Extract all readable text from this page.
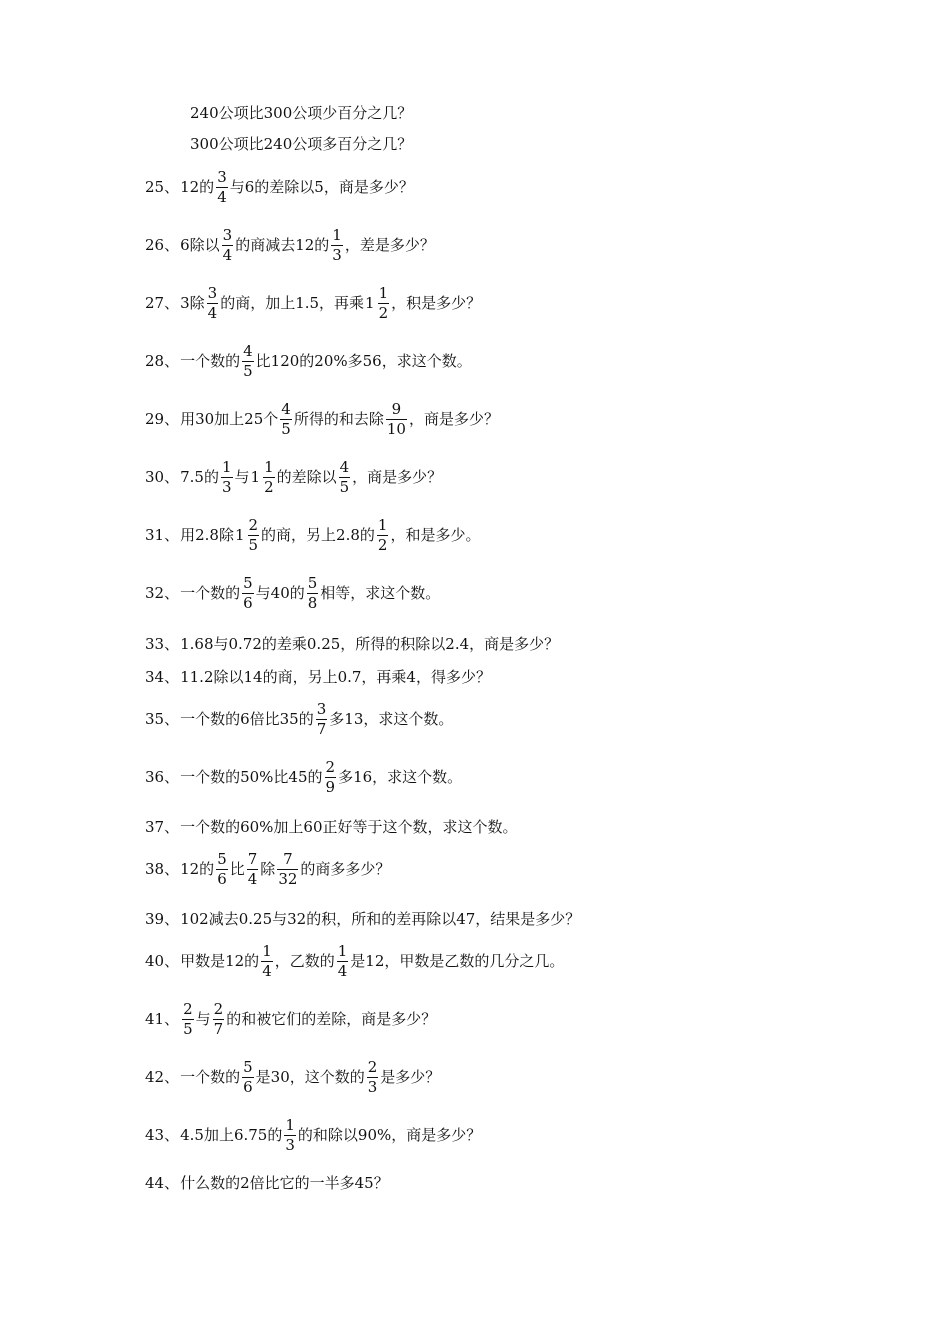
240公项比300公项少百分之几？
300公项比240公项多百分之几？
25、 12的 $\frac{3}{4}$ 与6的差除以5，商是多少？
26、 6除以 $\frac{3}{4}$ 的商减去12的 $\frac{1}{3}$ ，差是多少？
27、 3除 $\frac{3}{4}$ 的商，加上1.5，再乘 $1 \frac{1}{2}$ ，积是多少？
28、 一个数的 $\frac{4}{5}$ 比120的20%多56，求这个数。
29、 用30加上25个 $\frac{4}{5}$ 所得的和去除 $\frac{9}{10}$ ，商是多少？
30、 7.5的 $\frac{1}{3}$ 与 $1 \frac{1}{2}$ 的差除以 $\frac{4}{5}$ ，商是多少？
31、 用2.8除 $1 \frac{2}{5}$ 的商，另上2.8的 $\frac{1}{2}$ ，和是多少。
32、 一个数的 $\frac{5}{6}$ 与40的 $\frac{5}{8}$ 相等，求这个数。
33、 1.68与0.72的差乘0.25，所得的积除以2.4，商是多少？
34、 11.2除以14的商，另上0.7，再乘4，得多少？
35、 一个数的6倍比35的 $\frac{3}{7}$ 多13，求这个数。
36、 一个数的50%比45的 $\frac{2}{9}$ 多16，求这个数。
37、 一个数的60%加上60正好等于这个数，求这个数。
38、 12的 $\frac{5}{6}$ 比 $\frac{7}{4}$ 除 $\frac{7}{32}$ 的商多多少？
39、 102减去0.25与32的积，所和的差再除以47，结果是多少？
40、 甲数是12的 $\frac{1}{4}$ ，乙数的 $\frac{1}{4}$ 是12，甲数是乙数的几分之几。
41、 $\frac{2}{5}$ 与 $\frac{2}{7}$ 的和被它们的差除，商是多少？
42、 一个数的 $\frac{5}{6}$ 是30，这个数的 $\frac{2}{3}$ 是多少？
43、 4.5加上6.75的 $\frac{1}{3}$ 的和除以90%，商是多少？
44、 什么数的2倍比它的一半多45？
